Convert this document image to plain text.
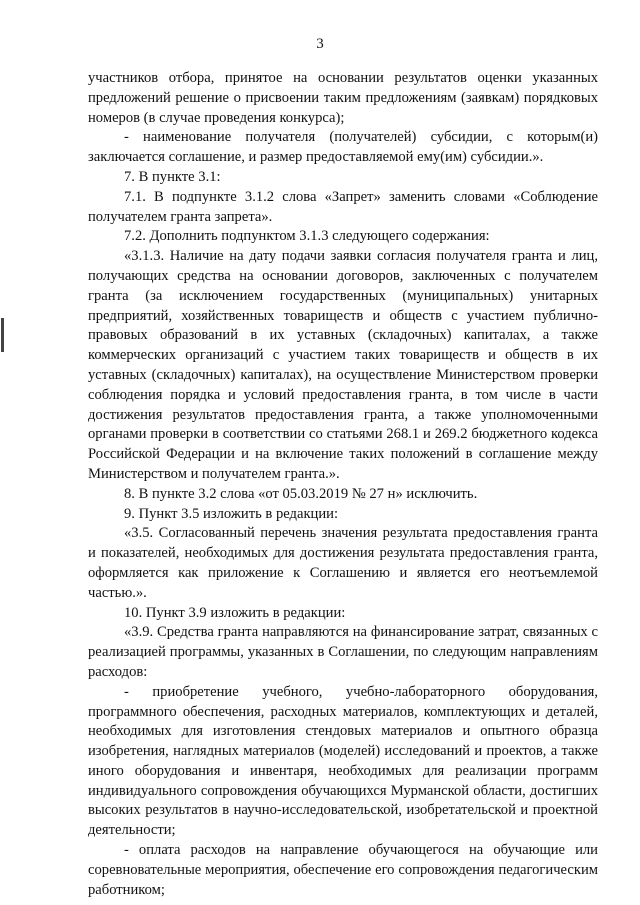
3

участников отбора, принятое на основании результатов оценки указанных предложений решение о присвоении таким предложениям (заявкам) порядковых номеров (в случае проведения конкурса);

- наименование получателя (получателей) субсидии, с которым(и) заключается соглашение, и размер предоставляемой ему(им) субсидии.».

7. В пункте 3.1:

7.1. В подпункте 3.1.2 слова «Запрет» заменить словами «Соблюдение получателем гранта запрета».

7.2. Дополнить подпунктом 3.1.3 следующего содержания:

«3.1.3. Наличие на дату подачи заявки согласия получателя гранта и лиц, получающих средства на основании договоров, заключенных с получателем гранта (за исключением государственных (муниципальных) унитарных предприятий, хозяйственных товариществ и обществ с участием публично-правовых образований в их уставных (складочных) капиталах, а также коммерческих организаций с участием таких товариществ и обществ в их уставных (складочных) капиталах), на осуществление Министерством проверки соблюдения порядка и условий предоставления гранта, в том числе в части достижения результатов предоставления гранта, а также уполномоченными органами проверки в соответствии со статьями 268.1 и 269.2 бюджетного кодекса Российской Федерации и на включение таких положений в соглашение между Министерством и получателем гранта.».

8. В пункте 3.2 слова «от 05.03.2019 № 27 н» исключить.

9. Пункт 3.5 изложить в редакции:

«3.5. Согласованный перечень значения результата предоставления гранта и показателей, необходимых для достижения результата предоставления гранта, оформляется как приложение к Соглашению и является его неотъемлемой частью.».

10. Пункт 3.9 изложить в редакции:

«3.9. Средства гранта направляются на финансирование затрат, связанных с реализацией программы, указанных в Соглашении, по следующим направлениям расходов:

- приобретение учебного, учебно-лабораторного оборудования, программного обеспечения, расходных материалов, комплектующих и деталей, необходимых для изготовления стендовых материалов и опытного образца изобретения, наглядных материалов (моделей) исследований и проектов, а также иного оборудования и инвентаря, необходимых для реализации программ индивидуального сопровождения обучающихся Мурманской области, достигших высоких результатов в научно-исследовательской, изобретательской и проектной деятельности;

- оплата расходов на направление обучающегося на обучающие или соревновательные мероприятия, обеспечение его сопровождения педагогическим работником;
